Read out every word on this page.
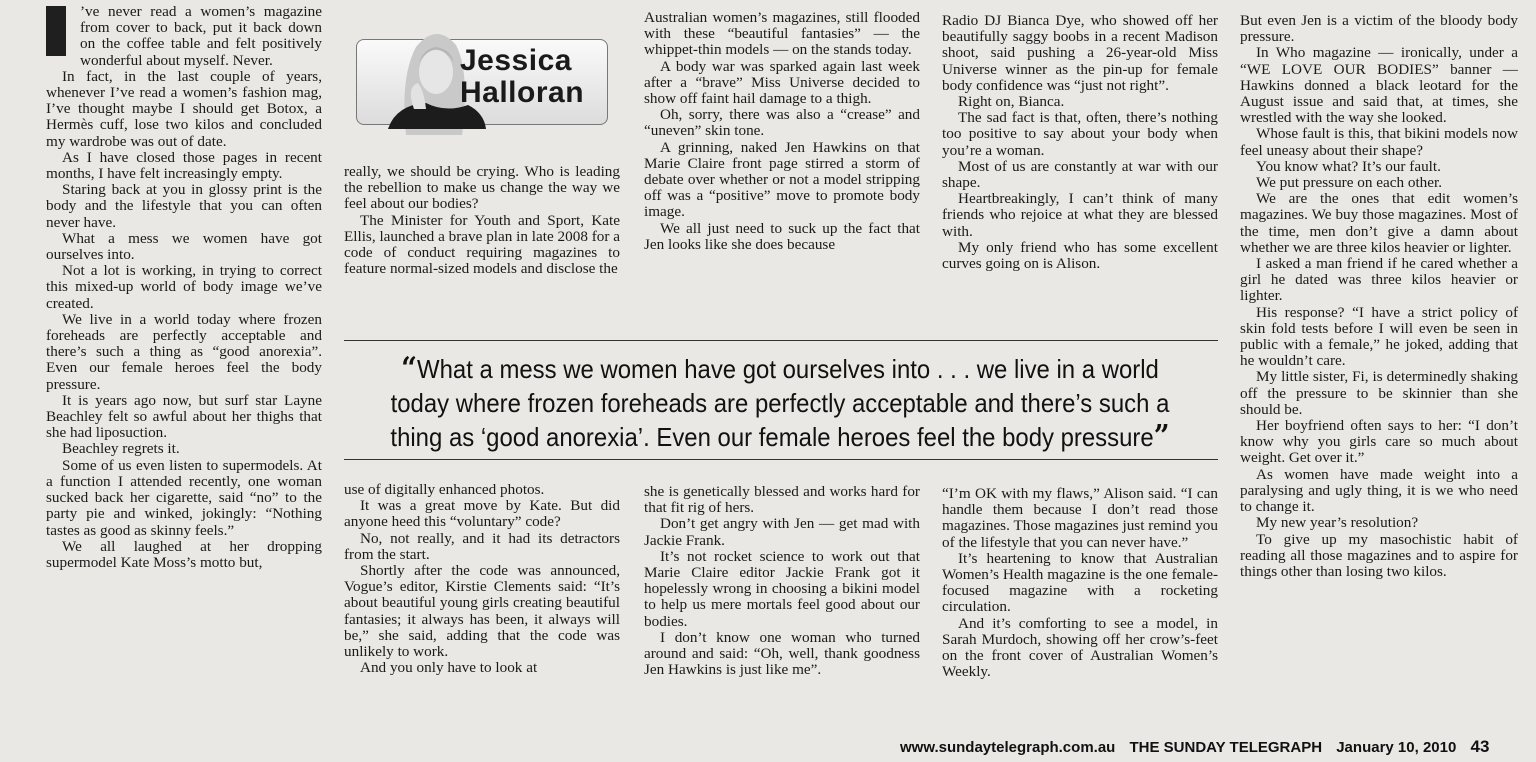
’ve never read a women’s magazine from cover to back, put it back down on the coffee table and felt positively wonderful about myself. Never.

In fact, in the last couple of years, whenever I’ve read a women’s fashion mag, I’ve thought maybe I should get Botox, a Hermès cuff, lose two kilos and concluded my wardrobe was out of date.

As I have closed those pages in recent months, I have felt increasingly empty.

Staring back at you in glossy print is the body and the lifestyle that you can often never have.

What a mess we women have got ourselves into.

Not a lot is working, in trying to correct this mixed-up world of body image we’ve created.

We live in a world today where frozen foreheads are perfectly acceptable and there’s such a thing as “good anorexia”. Even our female heroes feel the body pressure.

It is years ago now, but surf star Layne Beachley felt so awful about her thighs that she had liposuction.

Beachley regrets it.

Some of us even listen to supermodels. At a function I attended recently, one woman sucked back her cigarette, said “no” to the party pie and winked, jokingly: “Nothing tastes as good as skinny feels.”

We all laughed at her dropping supermodel Kate Moss’s motto but,

Jessica
Halloran

really, we should be crying. Who is leading the rebellion to make us change the way we feel about our bodies?

The Minister for Youth and Sport, Kate Ellis, launched a brave plan in late 2008 for a code of conduct requiring magazines to feature normal-sized models and disclose the

Australian women’s magazines, still flooded with these “beautiful fantasies” — the whippet-thin models — on the stands today.

A body war was sparked again last week after a “brave” Miss Universe decided to show off faint hail damage to a thigh.

Oh, sorry, there was also a “crease” and “uneven” skin tone.

A grinning, naked Jen Hawkins on that Marie Claire front page stirred a storm of debate over whether or not a model stripping off was a “positive” move to promote body image.

We all just need to suck up the fact that Jen looks like she does because

Radio DJ Bianca Dye, who showed off her beautifully saggy boobs in a recent Madison shoot, said pushing a 26-year-old Miss Universe winner as the pin-up for female body confidence was “just not right”.

Right on, Bianca.

The sad fact is that, often, there’s nothing too positive to say about your body when you’re a woman.

Most of us are constantly at war with our shape.

Heartbreakingly, I can’t think of many friends who rejoice at what they are blessed with.

My only friend who has some excellent curves going on is Alison.

But even Jen is a victim of the bloody body pressure.

In Who magazine — ironically, under a “WE LOVE OUR BODIES” banner — Hawkins donned a black leotard for the August issue and said that, at times, she wrestled with the way she looked.

Whose fault is this, that bikini models now feel uneasy about their shape?

You know what? It’s our fault.

We put pressure on each other.

We are the ones that edit women’s magazines. We buy those magazines. Most of the time, men don’t give a damn about whether we are three kilos heavier or lighter.

I asked a man friend if he cared whether a girl he dated was three kilos heavier or lighter.

His response? “I have a strict policy of skin fold tests before I will even be seen in public with a female,” he joked, adding that he wouldn’t care.

My little sister, Fi, is determinedly shaking off the pressure to be skinnier than she should be.

Her boyfriend often says to her: “I don’t know why you girls care so much about weight. Get over it.”

As women have made weight into a paralysing and ugly thing, it is we who need to change it.

My new year’s resolution?

To give up my masochistic habit of reading all those magazines and to aspire for things other than losing two kilos.

“What a mess we women have got ourselves into . . . we live in a world today where frozen foreheads are perfectly acceptable and there’s such a thing as ‘good anorexia’. Even our female heroes feel the body pressure”

use of digitally enhanced photos.

It was a great move by Kate. But did anyone heed this “voluntary” code?

No, not really, and it had its detractors from the start.

Shortly after the code was announced, Vogue’s editor, Kirstie Clements said: “It’s about beautiful young girls creating beautiful fantasies; it always has been, it always will be,” she said, adding that the code was unlikely to work.

And you only have to look at

she is genetically blessed and works hard for that fit rig of hers.

Don’t get angry with Jen — get mad with Jackie Frank.

It’s not rocket science to work out that Marie Claire editor Jackie Frank got it hopelessly wrong in choosing a bikini model to help us mere mortals feel good about our bodies.

I don’t know one woman who turned around and said: “Oh, well, thank goodness Jen Hawkins is just like me”.

“I’m OK with my flaws,” Alison said. “I can handle them because I don’t read those magazines. Those magazines just remind you of the lifestyle that you can never have.”

It’s heartening to know that Australian Women’s Health magazine is the one female-focused magazine with a rocketing circulation.

And it’s comforting to see a model, in Sarah Murdoch, showing off her crow’s-feet on the front cover of Australian Women’s Weekly.

www.sundaytelegraph.com.au THE SUNDAY TELEGRAPH January 10, 2010 43
